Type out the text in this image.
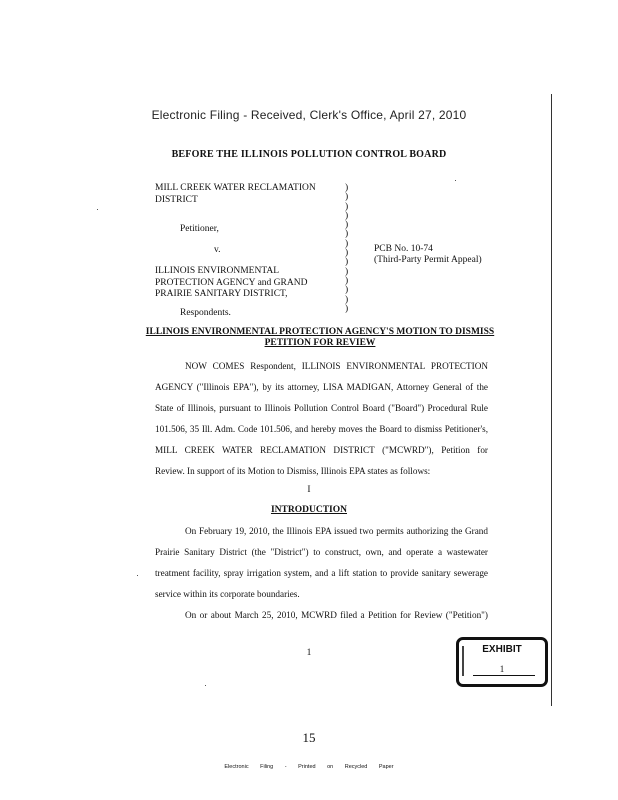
Electronic Filing - Received, Clerk's Office, April 27, 2010
BEFORE THE ILLINOIS POLLUTION CONTROL BOARD
MILL CREEK WATER RECLAMATION
DISTRICT
Petitioner,
v.
ILLINOIS ENVIRONMENTAL
PROTECTION AGENCY and GRAND
PRAIRIE SANITARY DISTRICT,
Respondents.
)
)
)
)
)
)
)
)
)
)
)
)
)
)
PCB No. 10-74
(Third-Party Permit Appeal)
ILLINOIS ENVIRONMENTAL PROTECTION AGENCY'S MOTION TO DISMISS PETITION FOR REVIEW
NOW COMES Respondent, ILLINOIS ENVIRONMENTAL PROTECTION
AGENCY ("Illinois EPA"), by its attorney, LISA MADIGAN, Attorney General of the
State of Illinois, pursuant to Illinois Pollution Control Board ("Board") Procedural Rule
101.506, 35 Ill. Adm. Code 101.506, and hereby moves the Board to dismiss Petitioner's,
MILL CREEK WATER RECLAMATION DISTRICT ("MCWRD"), Petition for
Review. In support of its Motion to Dismiss, Illinois EPA states as follows:
I
INTRODUCTION
On February 19, 2010, the Illinois EPA issued two permits authorizing the Grand
Prairie Sanitary District (the "District") to construct, own, and operate a wastewater
treatment facility, spray irrigation system, and a lift station to provide sanitary sewerage
service within its corporate boundaries.
On or about March 25, 2010, MCWRD filed a Petition for Review ("Petition")
1	EXHIBIT
1
15
Electronic Filing - Printed on Recycled Paper
